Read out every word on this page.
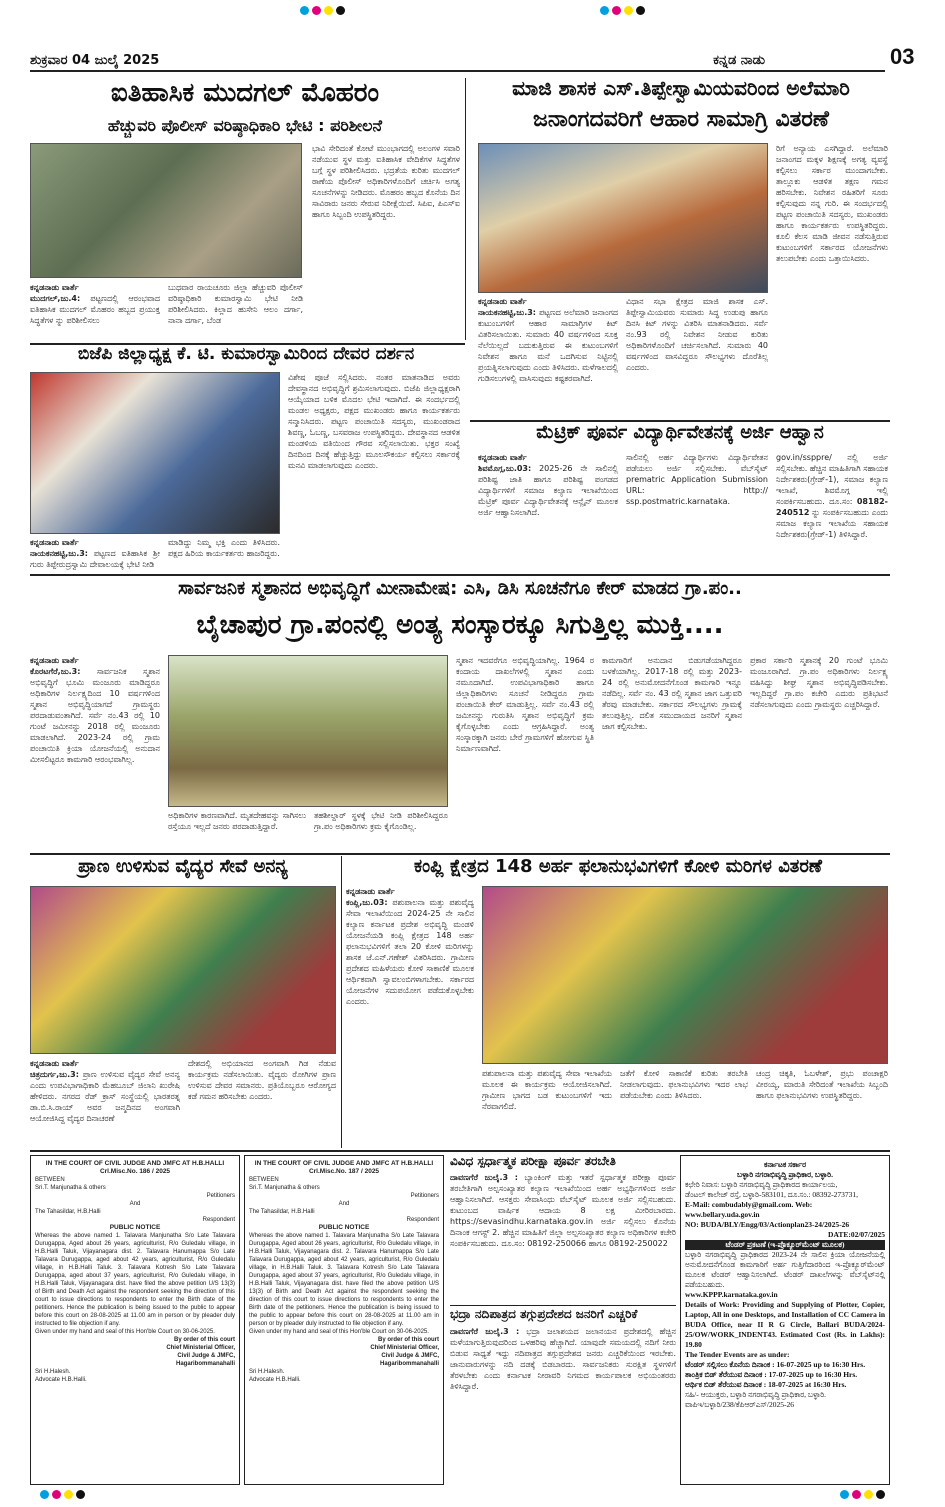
ಶುಕ್ರವಾರ 04 ಜುಲೈ 2025	ಕನ್ನಡ ನಾಡು	03
ಐತಿಹಾಸಿಕ ಮುದಗಲ್ ಮೊಹರಂ
ಹೆಚ್ಚುವರಿ ಪೊಲೀಸ್ ವರಿಷ್ಠಾಧಿಕಾರಿ ಭೇಟಿ : ಪರಿಶೀಲನೆ
ಕನ್ನಡನಾಡು ವಾರ್ತೆ
ಮುದಗಲ್,ಜು.4: ಪಟ್ಟಣದಲ್ಲಿ ಆರಂಭವಾದ ಐತಿಹಾಸಿಕ ಮುದಗಲ್ ಮೊಹರಂ ಹಬ್ಬದ ಪ್ರಯುಕ್ತ ಸಿದ್ಧತೆಗಳ ನ್ನು ಪರಿಶೀಲಿಸಲು
ಬುಧವಾರ ರಾಯಚೂರು ಜಿಲ್ಲಾ ಹೆಚ್ಚುವರಿ ಪೊಲೀಸ್ ವರಿಷ್ಠಾಧಿಕಾರಿ ಕುಮಾರಸ್ವಾಮಿ ಭೇಟಿ ನೀಡಿ ಪರಿಶೀಲಿಸಿದರು. ಕಿಲ್ಲಾದ ಹುಸೇನಿ ಆಲಂ ದರ್ಗಾ, ನಾನಾ ದರ್ಗಾ, ಬೆಂಡ
ಭಾವಿ ಸೇರಿದಂತೆ ಕೋಟೆ ಮುಂಭಾಗದಲ್ಲಿ ಅಲಂಗಳ ಸವಾರಿ ನಡೆಯುವ ಸ್ಥಳ ಮತ್ತು ಐತಿಹಾಸಿಕ ವೇದಿಕೆಗಳ ಸಿದ್ಧತೆಗಳ ಬಗ್ಗೆ ಸ್ಥಳ ಪರಿಶೀಲಿಸಿದರು. ಭದ್ರತೆಯ ಕುರಿತು ಮುದಗಲ್ ಠಾಣೆಯ ಪೊಲೀಸ್ ಅಧಿಕಾರಿಗಳೊಂದಿಗೆ ಚರ್ಚಿಸಿ ಅಗತ್ಯ ಸೂಚನೆಗಳನ್ನು ನೀಡಿದರು. ಮೊಹರಂ ಹಬ್ಬದ ಕೊನೆಯ ದಿನ ಸಾವಿರಾರು ಜನರು ಸೇರುವ ನಿರೀಕ್ಷೆಯಿದೆ. ಸಿಪಿಐ, ಪಿಎಸ್ಐ ಹಾಗೂ ಸಿಬ್ಬಂದಿ ಉಪಸ್ಥಿತರಿದ್ದರು.
ಮಾಜಿ ಶಾಸಕ ಎಸ್.ತಿಪ್ಪೇಸ್ವಾಮಿಯವರಿಂದ ಅಲೆಮಾರಿ
ಜನಾಂಗದವರಿಗೆ ಆಹಾರ ಸಾಮಾಗ್ರಿ ವಿತರಣೆ
ಕನ್ನಡನಾಡು ವಾರ್ತೆ
ನಾಯಕನಹಟ್ಟಿ,ಜು.3: ಪಟ್ಟಣದ ಅಲೆಮಾರಿ ಜನಾಂಗದ ಕುಟುಂಬಗಳಿಗೆ ಆಹಾರ ಸಾಮಾಗ್ರಿಗಳ ಕಿಟ್ ವಿತರಿಸಲಾಯಿತು. ಸುಮಾರು 40 ವರ್ಷಗಳಿಂದ ಸೂಕ್ತ ನೆಲೆಯಿಲ್ಲದೆ ಬದುಕುತ್ತಿರುವ ಈ ಕುಟುಂಬಗಳಿಗೆ ನಿವೇಶನ ಹಾಗೂ ಮನೆ ಒದಗಿಸುವ ನಿಟ್ಟಿನಲ್ಲಿ ಪ್ರಯತ್ನಿಸಲಾಗುವುದು ಎಂದು ತಿಳಿಸಿದರು. ಮಳೆಗಾಲದಲ್ಲಿ ಗುಡಿಸಲುಗಳಲ್ಲಿ ವಾಸಿಸುವುದು ಕಷ್ಟಕರವಾಗಿದೆ.
ವಿಧಾನ ಸಭಾ ಕ್ಷೇತ್ರದ ಮಾಜಿ ಶಾಸಕ ಎಸ್. ತಿಪ್ಪೇಸ್ವಾಮಿಯವರು ಸುಮಾರು ಸಿದ್ಧ ಉಡುಪು ಹಾಗೂ ದಿನಸಿ ಕಿಟ್ ಗಳನ್ನು ವಿತರಿಸಿ ಮಾತನಾಡಿದರು. ಸರ್ವೆ ನಂ.93 ರಲ್ಲಿ ನಿವೇಶನ ನೀಡುವ ಕುರಿತು ಅಧಿಕಾರಿಗಳೊಂದಿಗೆ ಚರ್ಚಿಸಲಾಗಿದೆ. ಸುಮಾರು 40 ವರ್ಷಗಳಿಂದ ವಾಸವಿದ್ದರೂ ಸೌಲಭ್ಯಗಳು ದೊರೆತಿಲ್ಲ ಎಂದರು.
ರಿಗೆ ಅನ್ಯಾಯ ಎಸಗಿದ್ದಾರೆ. ಅಲೆಮಾರಿ ಜನಾಂಗದ ಮಕ್ಕಳ ಶಿಕ್ಷಣಕ್ಕೆ ಅಗತ್ಯ ವ್ಯವಸ್ಥೆ ಕಲ್ಪಿಸಲು ಸರ್ಕಾರ ಮುಂದಾಗಬೇಕು. ತಾಲ್ಲೂಕು ಆಡಳಿತ ತಕ್ಷಣ ಗಮನ ಹರಿಸಬೇಕು. ನಿವೇಶನ ರಹಿತರಿಗೆ ಸೂರು ಕಲ್ಪಿಸುವುದು ನನ್ನ ಗುರಿ. ಈ ಸಂದರ್ಭದಲ್ಲಿ ಪಟ್ಟಣ ಪಂಚಾಯಿತಿ ಸದಸ್ಯರು, ಮುಖಂಡರು ಹಾಗೂ ಕಾರ್ಯಕರ್ತರು ಉಪಸ್ಥಿತರಿದ್ದರು. ಕೂಲಿ ಕೆಲಸ ಮಾಡಿ ಜೀವನ ನಡೆಸುತ್ತಿರುವ ಕುಟುಂಬಗಳಿಗೆ ಸರ್ಕಾರದ ಯೋಜನೆಗಳು ತಲುಪಬೇಕು ಎಂದು ಒತ್ತಾಯಿಸಿದರು.
ಬಿಜೆಪಿ ಜಿಲ್ಲಾಧ್ಯಕ್ಷ ಕೆ. ಟಿ. ಕುಮಾರಸ್ವಾಮಿರಿಂದ ದೇವರ ದರ್ಶನ
ಕನ್ನಡನಾಡು ವಾರ್ತೆ
ನಾಯಕನಹಟ್ಟಿ,ಜು.3: ಪಟ್ಟಣದ ಐತಿಹಾಸಿಕ ಶ್ರೀ ಗುರು ತಿಪ್ಪೇರುದ್ರಸ್ವಾಮಿ ದೇವಾಲಯಕ್ಕೆ ಭೇಟಿ ನೀಡಿ
ಮಾಡಿದ್ದು ನಿಮ್ಮ ಭಕ್ತಿ ಎಂದು ತಿಳಿಸಿದರು. ಪಕ್ಷದ ಹಿರಿಯ ಕಾರ್ಯಕರ್ತರು ಹಾಜರಿದ್ದರು.
ವಿಶೇಷ ಪೂಜೆ ಸಲ್ಲಿಸಿದರು. ನಂತರ ಮಾತನಾಡಿದ ಅವರು ದೇವಸ್ಥಾನದ ಅಭಿವೃದ್ಧಿಗೆ ಶ್ರಮಿಸಲಾಗುವುದು. ಬಿಜೆಪಿ ಜಿಲ್ಲಾಧ್ಯಕ್ಷರಾಗಿ ಆಯ್ಕೆಯಾದ ಬಳಿಕ ಮೊದಲ ಭೇಟಿ ಇದಾಗಿದೆ. ಈ ಸಂದರ್ಭದಲ್ಲಿ ಮಂಡಲ ಅಧ್ಯಕ್ಷರು, ಪಕ್ಷದ ಮುಖಂಡರು ಹಾಗೂ ಕಾರ್ಯಕರ್ತರು ಸನ್ಮಾನಿಸಿದರು. ಪಟ್ಟಣ ಪಂಚಾಯಿತಿ ಸದಸ್ಯರು, ಮುಖಂಡರಾದ ಶಿವಣ್ಣ, ಓಬಣ್ಣ, ಬಸವರಾಜ ಉಪಸ್ಥಿತರಿದ್ದರು. ದೇವಸ್ಥಾನದ ಆಡಳಿತ ಮಂಡಳಿಯ ವತಿಯಿಂದ ಗೌರವ ಸಲ್ಲಿಸಲಾಯಿತು. ಭಕ್ತರ ಸಂಖ್ಯೆ ದಿನದಿಂದ ದಿನಕ್ಕೆ ಹೆಚ್ಚುತ್ತಿದ್ದು ಮೂಲಸೌಕರ್ಯ ಕಲ್ಪಿಸಲು ಸರ್ಕಾರಕ್ಕೆ ಮನವಿ ಮಾಡಲಾಗುವುದು ಎಂದರು.
ಮೆಟ್ರಿಕ್ ಪೂರ್ವ ವಿದ್ಯಾರ್ಥಿವೇತನಕ್ಕೆ ಅರ್ಜಿ ಆಹ್ವಾನ
ಕನ್ನಡನಾಡು ವಾರ್ತೆ
ಶಿವಮೊಗ್ಗ,ಜು.03: 2025-26 ನೇ ಸಾಲಿನಲ್ಲಿ ಪರಿಶಿಷ್ಟ ಜಾತಿ ಹಾಗೂ ಪರಿಶಿಷ್ಟ ಪಂಗಡದ ವಿದ್ಯಾರ್ಥಿಗಳಿಗೆ ಸಮಾಜ ಕಲ್ಯಾಣ ಇಲಾಖೆಯಿಂದ ಮೆಟ್ರಿಕ್ ಪೂರ್ವ ವಿದ್ಯಾರ್ಥಿವೇತನಕ್ಕೆ ಆನ್ಲೈನ್ ಮೂಲಕ ಅರ್ಜಿ ಆಹ್ವಾನಿಸಲಾಗಿದೆ.
ಸಾಲಿನಲ್ಲಿ ಅರ್ಹ ವಿದ್ಯಾರ್ಥಿಗಳು ವಿದ್ಯಾರ್ಥಿವೇತನ ಪಡೆಯಲು ಅರ್ಜಿ ಸಲ್ಲಿಸಬೇಕು. ವೆಬ್‌ಸೈಟ್ prematric Application Submission URL: http:// ssp.postmatric.karnataka.
gov.in/ssppre/ ನಲ್ಲಿ ಅರ್ಜಿ ಸಲ್ಲಿಸಬೇಕು. ಹೆಚ್ಚಿನ ಮಾಹಿತಿಗಾಗಿ ಸಹಾಯಕ ನಿರ್ದೇಶಕರು(ಗ್ರೇಡ್-1), ಸಮಾಜ ಕಲ್ಯಾಣ ಇಲಾಖೆ, ಶಿವಮೊಗ್ಗ ಇಲ್ಲಿ ಸಂಪರ್ಕಿಸಬಹುದು. ದೂ.ಸಂ: 08182-240512 ನ್ನು ಸಂಪರ್ಕಿಸಬಹುದು ಎಂದು ಸಮಾಜ ಕಲ್ಯಾಣ ಇಲಾಖೆಯ ಸಹಾಯಕ ನಿರ್ದೇಶಕರು(ಗ್ರೇಡ್-1) ತಿಳಿಸಿದ್ದಾರೆ.
ಸಾರ್ವಜನಿಕ ಸ್ಮಶಾನದ ಅಭಿವೃದ್ಧಿಗೆ ಮೀನಾಮೇಷ: ಎಸಿ, ಡಿಸಿ ಸೂಚನೆಗೂ ಕೇರ್ ಮಾಡದ ಗ್ರಾ.ಪಂ..
ಬೈಚಾಪುರ ಗ್ರಾ.ಪಂನಲ್ಲಿ ಅಂತ್ಯ ಸಂಸ್ಕಾರಕ್ಕೂ ಸಿಗುತ್ತಿಲ್ಲ ಮುಕ್ತಿ....
ಕನ್ನಡನಾಡು ವಾರ್ತೆ
ಕೊರಟಗೆರೆ,ಜು.3: ಸಾರ್ವಜನಿಕ ಸ್ಮಶಾನ ಅಭಿವೃದ್ಧಿಗೆ ಭೂಮಿ ಮಂಜೂರು ಮಾಡಿದ್ದರೂ ಅಧಿಕಾರಿಗಳ ನಿರ್ಲಕ್ಷ್ಯದಿಂದ 10 ವರ್ಷಗಳಿಂದ ಸ್ಮಶಾನ ಅಭಿವೃದ್ಧಿಯಾಗದೆ ಗ್ರಾಮಸ್ಥರು ಪರದಾಡುವಂತಾಗಿದೆ. ಸರ್ವೆ ನಂ.43 ರಲ್ಲಿ 10 ಗುಂಟೆ ಜಮೀನನ್ನು 2018 ರಲ್ಲಿ ಮಂಜೂರು ಮಾಡಲಾಗಿದೆ. 2023-24 ರಲ್ಲಿ ಗ್ರಾಮ ಪಂಚಾಯಿತಿ ಕ್ರಿಯಾ ಯೋಜನೆಯಲ್ಲಿ ಅನುದಾನ ಮೀಸಲಿಟ್ಟರೂ ಕಾಮಗಾರಿ ಆರಂಭವಾಗಿಲ್ಲ.
ಅಧಿಕಾರಿಗಳ ಕಾರಣವಾಗಿದೆ. ಮೃತದೇಹವನ್ನು ಸಾಗಿಸಲು ರಸ್ತೆಯೂ ಇಲ್ಲದೆ ಜನರು ಪರದಾಡುತ್ತಿದ್ದಾರೆ.
ತಹಶೀಲ್ದಾರ್ ಸ್ಥಳಕ್ಕೆ ಭೇಟಿ ನೀಡಿ ಪರಿಶೀಲಿಸಿದ್ದರೂ ಗ್ರಾ.ಪಂ ಅಧಿಕಾರಿಗಳು ಕ್ರಮ ಕೈಗೊಂಡಿಲ್ಲ.
ಸ್ಮಶಾನ ಇದವರೆಗೂ ಅಭಿವೃದ್ಧಿಯಾಗಿಲ್ಲ. 1964 ರ ಕಂದಾಯ ದಾಖಲೆಗಳಲ್ಲಿ ಸ್ಮಶಾನ ಎಂದು ನಮೂದಾಗಿದೆ. ಉಪವಿಭಾಗಾಧಿಕಾರಿ ಹಾಗೂ ಜಿಲ್ಲಾಧಿಕಾರಿಗಳು ಸೂಚನೆ ನೀಡಿದ್ದರೂ ಗ್ರಾಮ ಪಂಚಾಯಿತಿ ಕೇರ್ ಮಾಡುತ್ತಿಲ್ಲ. ಸರ್ವೆ ನಂ.43 ರಲ್ಲಿ ಜಮೀನನ್ನು ಗುರುತಿಸಿ ಸ್ಮಶಾನ ಅಭಿವೃದ್ಧಿಗೆ ಕ್ರಮ ಕೈಗೊಳ್ಳಬೇಕು ಎಂದು ಆಗ್ರಹಿಸಿದ್ದಾರೆ. ಅಂತ್ಯ ಸಂಸ್ಕಾರಕ್ಕಾಗಿ ಜನರು ಬೇರೆ ಗ್ರಾಮಗಳಿಗೆ ಹೋಗುವ ಸ್ಥಿತಿ ನಿರ್ಮಾಣವಾಗಿದೆ.
ಕಾಮಗಾರಿಗೆ ಅನುದಾನ ಬಿಡುಗಡೆಯಾಗಿದ್ದರೂ ಬಳಕೆಯಾಗಿಲ್ಲ. 2017-18 ರಲ್ಲಿ ಮತ್ತು 2023-24 ರಲ್ಲಿ ಅನುಮೋದನೆಗೊಂಡ ಕಾಮಗಾರಿ ಇನ್ನೂ ನಡೆದಿಲ್ಲ. ಸರ್ವೆ ನಂ. 43 ರಲ್ಲಿ ಸ್ಮಶಾನ ಜಾಗ ಒತ್ತುವರಿ ತೆರವು ಮಾಡಬೇಕು. ಸರ್ಕಾರದ ಸೌಲಭ್ಯಗಳು ಗ್ರಾಮಕ್ಕೆ ತಲುಪುತ್ತಿಲ್ಲ. ದಲಿತ ಸಮುದಾಯದ ಜನರಿಗೆ ಸ್ಮಶಾನ ಜಾಗ ಕಲ್ಪಿಸಬೇಕು.
ಪ್ರಕಾರ ಸರ್ಕಾರಿ ಸ್ಮಶಾನಕ್ಕೆ 20 ಗುಂಟೆ ಭೂಮಿ ಮಂಜೂರಾಗಿದೆ. ಗ್ರಾ.ಪಂ ಅಧಿಕಾರಿಗಳು ನಿರ್ಲಕ್ಷ್ಯ ವಹಿಸಿದ್ದು ಶೀಘ್ರ ಸ್ಮಶಾನ ಅಭಿವೃದ್ಧಿಪಡಿಸಬೇಕು. ಇಲ್ಲದಿದ್ದರೆ ಗ್ರಾ.ಪಂ ಕಚೇರಿ ಎದುರು ಪ್ರತಿಭಟನೆ ನಡೆಸಲಾಗುವುದು ಎಂದು ಗ್ರಾಮಸ್ಥರು ಎಚ್ಚರಿಸಿದ್ದಾರೆ.
ಪ್ರಾಣ ಉಳಿಸುವ ವೈದ್ಯರ ಸೇವೆ ಅನನ್ಯ
ಕನ್ನಡನಾಡು ವಾರ್ತೆ
ಚಿತ್ರದುರ್ಗ,ಜು.3: ಪ್ರಾಣ ಉಳಿಸುವ ವೈದ್ಯರ ಸೇವೆ ಅನನ್ಯ ಎಂದು ಉಪವಿಭಾಗಾಧಿಕಾರಿ ಮೆಹಬೂಬ್ ಜಿಲಾನಿ ಖುರೇಷಿ ಹೇಳಿದರು. ನಗರದ ರೆಡ್ ಕ್ರಾಸ್ ಸಂಸ್ಥೆಯಲ್ಲಿ ಭಾರತರತ್ನ ಡಾ.ಬಿ.ಸಿ.ರಾಯ್ ಅವರ ಜನ್ಮದಿನದ ಅಂಗವಾಗಿ ಆಯೋಜಿಸಿದ್ದ ವೈದ್ಯರ ದಿನಾಚರಣೆ
ದೇಶದಲ್ಲಿ ಅಭಿಯಾನದ ಅಂಗವಾಗಿ ಗಿಡ ನೆಡುವ ಕಾರ್ಯಕ್ರಮ ನಡೆಸಲಾಯಿತು. ವೈದ್ಯರು ರೋಗಿಗಳ ಪ್ರಾಣ ಉಳಿಸುವ ದೇವರ ಸಮಾನರು. ಪ್ರತಿಯೊಬ್ಬರೂ ಆರೋಗ್ಯದ ಕಡೆ ಗಮನ ಹರಿಸಬೇಕು ಎಂದರು.
ಕಂಪ್ಲಿ ಕ್ಷೇತ್ರದ 148 ಅರ್ಹ ಫಲಾನುಭವಿಗಳಿಗೆ ಕೋಳಿ ಮರಿಗಳ ವಿತರಣೆ
ಕನ್ನಡನಾಡು ವಾರ್ತೆ
ಕಂಪ್ಲಿ,ಜು.03: ಪಶುಪಾಲನಾ ಮತ್ತು ಪಶುವೈದ್ಯ ಸೇವಾ ಇಲಾಖೆಯಿಂದ 2024-25 ನೇ ಸಾಲಿನ ಕಲ್ಯಾಣ ಕರ್ನಾಟಕ ಪ್ರದೇಶ ಅಭಿವೃದ್ಧಿ ಮಂಡಳಿ ಯೋಜನೆಯಡಿ ಕಂಪ್ಲಿ ಕ್ಷೇತ್ರದ 148 ಅರ್ಹ ಫಲಾನುಭವಿಗಳಿಗೆ ತಲಾ 20 ಕೋಳಿ ಮರಿಗಳನ್ನು ಶಾಸಕ ಜೆ.ಎನ್.ಗಣೇಶ್ ವಿತರಿಸಿದರು. ಗ್ರಾಮೀಣ ಪ್ರದೇಶದ ಮಹಿಳೆಯರು ಕೋಳಿ ಸಾಕಾಣಿಕೆ ಮೂಲಕ ಆರ್ಥಿಕವಾಗಿ ಸ್ವಾವಲಂಬಿಗಳಾಗಬೇಕು. ಸರ್ಕಾರದ ಯೋಜನೆಗಳ ಸದುಪಯೋಗ ಪಡೆದುಕೊಳ್ಳಬೇಕು ಎಂದರು.
ಪಶುಪಾಲನಾ ಮತ್ತು ಪಶುವೈದ್ಯ ಸೇವಾ ಇಲಾಖೆಯ ಮೂಲಕ ಈ ಕಾರ್ಯಕ್ರಮ ಆಯೋಜಿಸಲಾಗಿದೆ. ಗ್ರಾಮೀಣ ಭಾಗದ ಬಡ ಕುಟುಂಬಗಳಿಗೆ ಇದು ನೆರವಾಗಲಿದೆ.
ಜತೆಗೆ ಕೋಳಿ ಸಾಕಾಣಿಕೆ ಕುರಿತು ತರಬೇತಿ ನೀಡಲಾಗುವುದು. ಫಲಾನುಭವಿಗಳು ಇದರ ಲಾಭ ಪಡೆಯಬೇಕು ಎಂದು ತಿಳಿಸಿದರು.
ಚಂದ್ರ ಚಿಕ್ಕತಿ, ಓಬಳೇಶ್, ಪ್ರಭು ಪಂಚಾಕ್ಷರಿ ವೀರಯ್ಯ, ಮಾರುತಿ ಸೇರಿದಂತೆ ಇಲಾಖೆಯ ಸಿಬ್ಬಂದಿ ಹಾಗೂ ಫಲಾನುಭವಿಗಳು ಉಪಸ್ಥಿತರಿದ್ದರು.
IN THE COURT OF CIVIL JUDGE AND JMFC AT H.B.HALLI
Crl.Misc.No. 186 / 2025
BETWEEN
Sri.T. Manjunatha & others
Petitioners
And
The Tahasildar, H.B.Halli
Respondent
PUBLIC NOTICE
Whereas the above named 1. Talavara Manjunatha S/o Late Talavara Durugappa, Aged about 26 years, agriculturist, R/o Guledalu village, in H.B.Halli Taluk, Vijayanagara dist. 2. Talavara Hanumappa S/o Late Talavara Durugappa, aged about 42 years, agriculturist, R/o Guledalu village, in H.B.Halli Taluk. 3. Talavara Kotresh S/o Late Talavara Durugappa, aged about 37 years, agriculturist, R/o Guledalu village, in H.B.Halli Taluk, Vijayanagara dist. have filed the above petition U/S 13(3) of Birth and Death Act against the respondent seeking the direction of this court to issue directions to respondents to enter the Birth date of the petitioners. Hence the publication is being issued to the public to appear before this court on 28-08-2025 at 11.00 am in person or by pleader duly instructed to file objection if any.
Given under my hand and seal of this Hon'ble Court on 30-06-2025.
By order of this court
Chief Ministerial Officer,
Civil Judge & JMFC,
Hagaribommanahalli
Sri H.Halesh.
Advocate H.B.Halli.
IN THE COURT OF CIVIL JUDGE AND JMFC AT H.B.HALLI
Crl.Misc.No. 187 / 2025
BETWEEN
Sri.T. Manjunatha & others
Petitioners
And
The Tahasildar, H.B.Halli
Respondent
PUBLIC NOTICE
Whereas the above named 1. Talavara Manjunatha S/o Late Talavara Durugappa, Aged about 26 years, agriculturist, R/o Guledalu village, in H.B.Halli Taluk, Vijayanagara dist. 2. Talavara Hanumappa S/o Late Talavara Durugappa, aged about 42 years, agriculturist, R/o Guledalu village, in H.B.Halli Taluk. 3. Talavara Kotresh S/o Late Talavara Durugappa, aged about 37 years, agriculturist, R/o Guledalu village, in H.B.Halli Taluk, Vijayanagara dist. have filed the above petition U/S 13(3) of Birth and Death Act against the respondent seeking the direction of this court to issue directions to respondents to enter the Birth date of the petitioners. Hence the publication is being issued to the public to appear before this court on 28-08-2025 at 11.00 am in person or by pleader duly instructed to file objection if any.
Given under my hand and seal of this Hon'ble Court on 30-06-2025.
By order of this court
Chief Ministerial Officer,
Civil Judge & JMFC,
Hagaribommanahalli
Sri H.Halesh.
Advocate H.B.Halli.
ವಿವಿಧ ಸ್ಪರ್ಧಾತ್ಮಕ ಪರೀಕ್ಷಾ ಪೂರ್ವ ತರಬೇತಿ
ದಾವಣಗೆರೆ ಜುಲೈ.3 : ಬ್ಯಾಂಕಿಂಗ್ ಮತ್ತು ಇತರೆ ಸ್ಪರ್ಧಾತ್ಮಕ ಪರೀಕ್ಷಾ ಪೂರ್ವ ತರಬೇತಿಗಾಗಿ ಅಲ್ಪಸಂಖ್ಯಾತರ ಕಲ್ಯಾಣ ಇಲಾಖೆಯಿಂದ ಅರ್ಹ ಅಭ್ಯರ್ಥಿಗಳಿಂದ ಅರ್ಜಿ ಆಹ್ವಾನಿಸಲಾಗಿದೆ. ಆಸಕ್ತರು ಸೇವಾಸಿಂಧು ವೆಬ್‌ಸೈಟ್ ಮೂಲಕ ಅರ್ಜಿ ಸಲ್ಲಿಸಬಹುದು. ಕುಟುಂಬದ ವಾರ್ಷಿಕ ಆದಾಯ 8 ಲಕ್ಷ ಮೀರಿರಬಾರದು. https://sevasindhu.karnataka.gov.in ಅರ್ಜಿ ಸಲ್ಲಿಸಲು ಕೊನೆಯ ದಿನಾಂಕ ಆಗಸ್ಟ್ 2. ಹೆಚ್ಚಿನ ಮಾಹಿತಿಗೆ ಜಿಲ್ಲಾ ಅಲ್ಪಸಂಖ್ಯಾತರ ಕಲ್ಯಾಣ ಅಧಿಕಾರಿಗಳ ಕಚೇರಿ ಸಂಪರ್ಕಿಸಬಹುದು. ದೂ.ಸಂ: 08192-250066 ಹಾಗೂ 08192-250022
ಭದ್ರಾ ನದಿಪಾತ್ರದ ತಗ್ಗುಪ್ರದೇಶದ ಜನರಿಗೆ ಎಚ್ಚರಿಕೆ
ದಾವಣಗೆರೆ ಜುಲೈ.3 : ಭದ್ರಾ ಜಲಾಶಯದ ಜಲಾನಯನ ಪ್ರದೇಶದಲ್ಲಿ ಹೆಚ್ಚಿನ ಮಳೆಯಾಗುತ್ತಿರುವುದರಿಂದ ಒಳಹರಿವು ಹೆಚ್ಚಾಗಿದೆ. ಯಾವುದೇ ಸಮಯದಲ್ಲಿ ನದಿಗೆ ನೀರು ಬಿಡುವ ಸಾಧ್ಯತೆ ಇದ್ದು ನದಿಪಾತ್ರದ ತಗ್ಗುಪ್ರದೇಶದ ಜನರು ಎಚ್ಚರಿಕೆಯಿಂದ ಇರಬೇಕು. ಜಾನುವಾರುಗಳನ್ನು ನದಿ ದಡಕ್ಕೆ ಬಿಡಬಾರದು. ಸಾರ್ವಜನಿಕರು ಸುರಕ್ಷಿತ ಸ್ಥಳಗಳಿಗೆ ತೆರಳಬೇಕು ಎಂದು ಕರ್ನಾಟಕ ನೀರಾವರಿ ನಿಗಮದ ಕಾರ್ಯಪಾಲಕ ಅಭಿಯಂತರರು ತಿಳಿಸಿದ್ದಾರೆ.
ಕರ್ನಾಟಕ ಸರ್ಕಾರ
ಬಳ್ಳಾರಿ ನಗರಾಭಿವೃದ್ಧಿ ಪ್ರಾಧಿಕಾರ, ಬಳ್ಳಾರಿ.
ಕಛೇರಿ ನಿವಾಸ: ಬಳ್ಳಾರಿ ನಗರಾಭಿವೃದ್ಧಿ ಪ್ರಾಧಿಕಾರದ ಕಾರ್ಯಾಲಯ,
ಡೆಂಟಲ್ ಕಾಲೇಜ್ ರಸ್ತೆ, ಬಳ್ಳಾರಿ-583101, ದೂ.ಸಂ.: 08392-273731,
E-Mail: combudably@gmail.com. Web: www.bellary.uda.gov.in
NO: BUDA/BLY/Engg/03/Actionplan23-24/2025-26
DATE:02/07/2025
ಟೆಂಡರ್ ಪ್ರಕಟಣೆ (ಇ-ಪ್ರೊಕ್ಯೂರ್‌ಮೆಂಟ್ ಮೂಲಕ)
ಬಳ್ಳಾರಿ ನಗರಾಭಿವೃದ್ಧಿ ಪ್ರಾಧಿಕಾರದ 2023-24 ನೇ ಸಾಲಿನ ಕ್ರಿಯಾ ಯೋಜನೆಯಲ್ಲಿ ಅನುಮೋದನೆಗೊಂಡ ಕಾಮಗಾರಿಗೆ ಅರ್ಹ ಗುತ್ತಿಗೆದಾರರಿಂದ ಇ-ಪ್ರೊಕ್ಯೂರ್‌ಮೆಂಟ್ ಮೂಲಕ ಟೆಂಡರ್ ಆಹ್ವಾನಿಸಲಾಗಿದೆ. ಟೆಂಡರ್ ದಾಖಲೆಗಳನ್ನು ವೆಬ್‌ಸೈಟ್‌ನಲ್ಲಿ ಪಡೆಯಬಹುದು.
www.KPPP.karnataka.gov.in
Details of Work: Providing and Supplying of Plotter, Copier, Laptop, All in one Desktops, and Installation of CC Camera in BUDA Office, near II R G Circle, Ballari BUDA/2024-25/OW/WORK_INDENT43. Estimated Cost (Rs. in Lakhs): 19.80
The Tender Events are as under:
ಟೆಂಡರ್ ಸಲ್ಲಿಸಲು ಕೊನೆಯ ದಿನಾಂಕ : 16-07-2025 up to 16:30 Hrs.
ತಾಂತ್ರಿಕ ಬಿಡ್ ತೆರೆಯುವ ದಿನಾಂಕ : 17-07-2025 up to 16:30 Hrs.
ಆರ್ಥಿಕ ಬಿಡ್ ತೆರೆಯುವ ದಿನಾಂಕ : 18-07-2025 at 16:30 Hrs.
ಸಹಿ/- ಆಯುಕ್ತರು, ಬಳ್ಳಾರಿ ನಗರಾಭಿವೃದ್ಧಿ ಪ್ರಾಧಿಕಾರ, ಬಳ್ಳಾರಿ.
ವಾಪಿಇ/ಬಳ್ಳಾರಿ/238/ಕೆಪಿಆರ್‌ಎಸ್/2025-26
